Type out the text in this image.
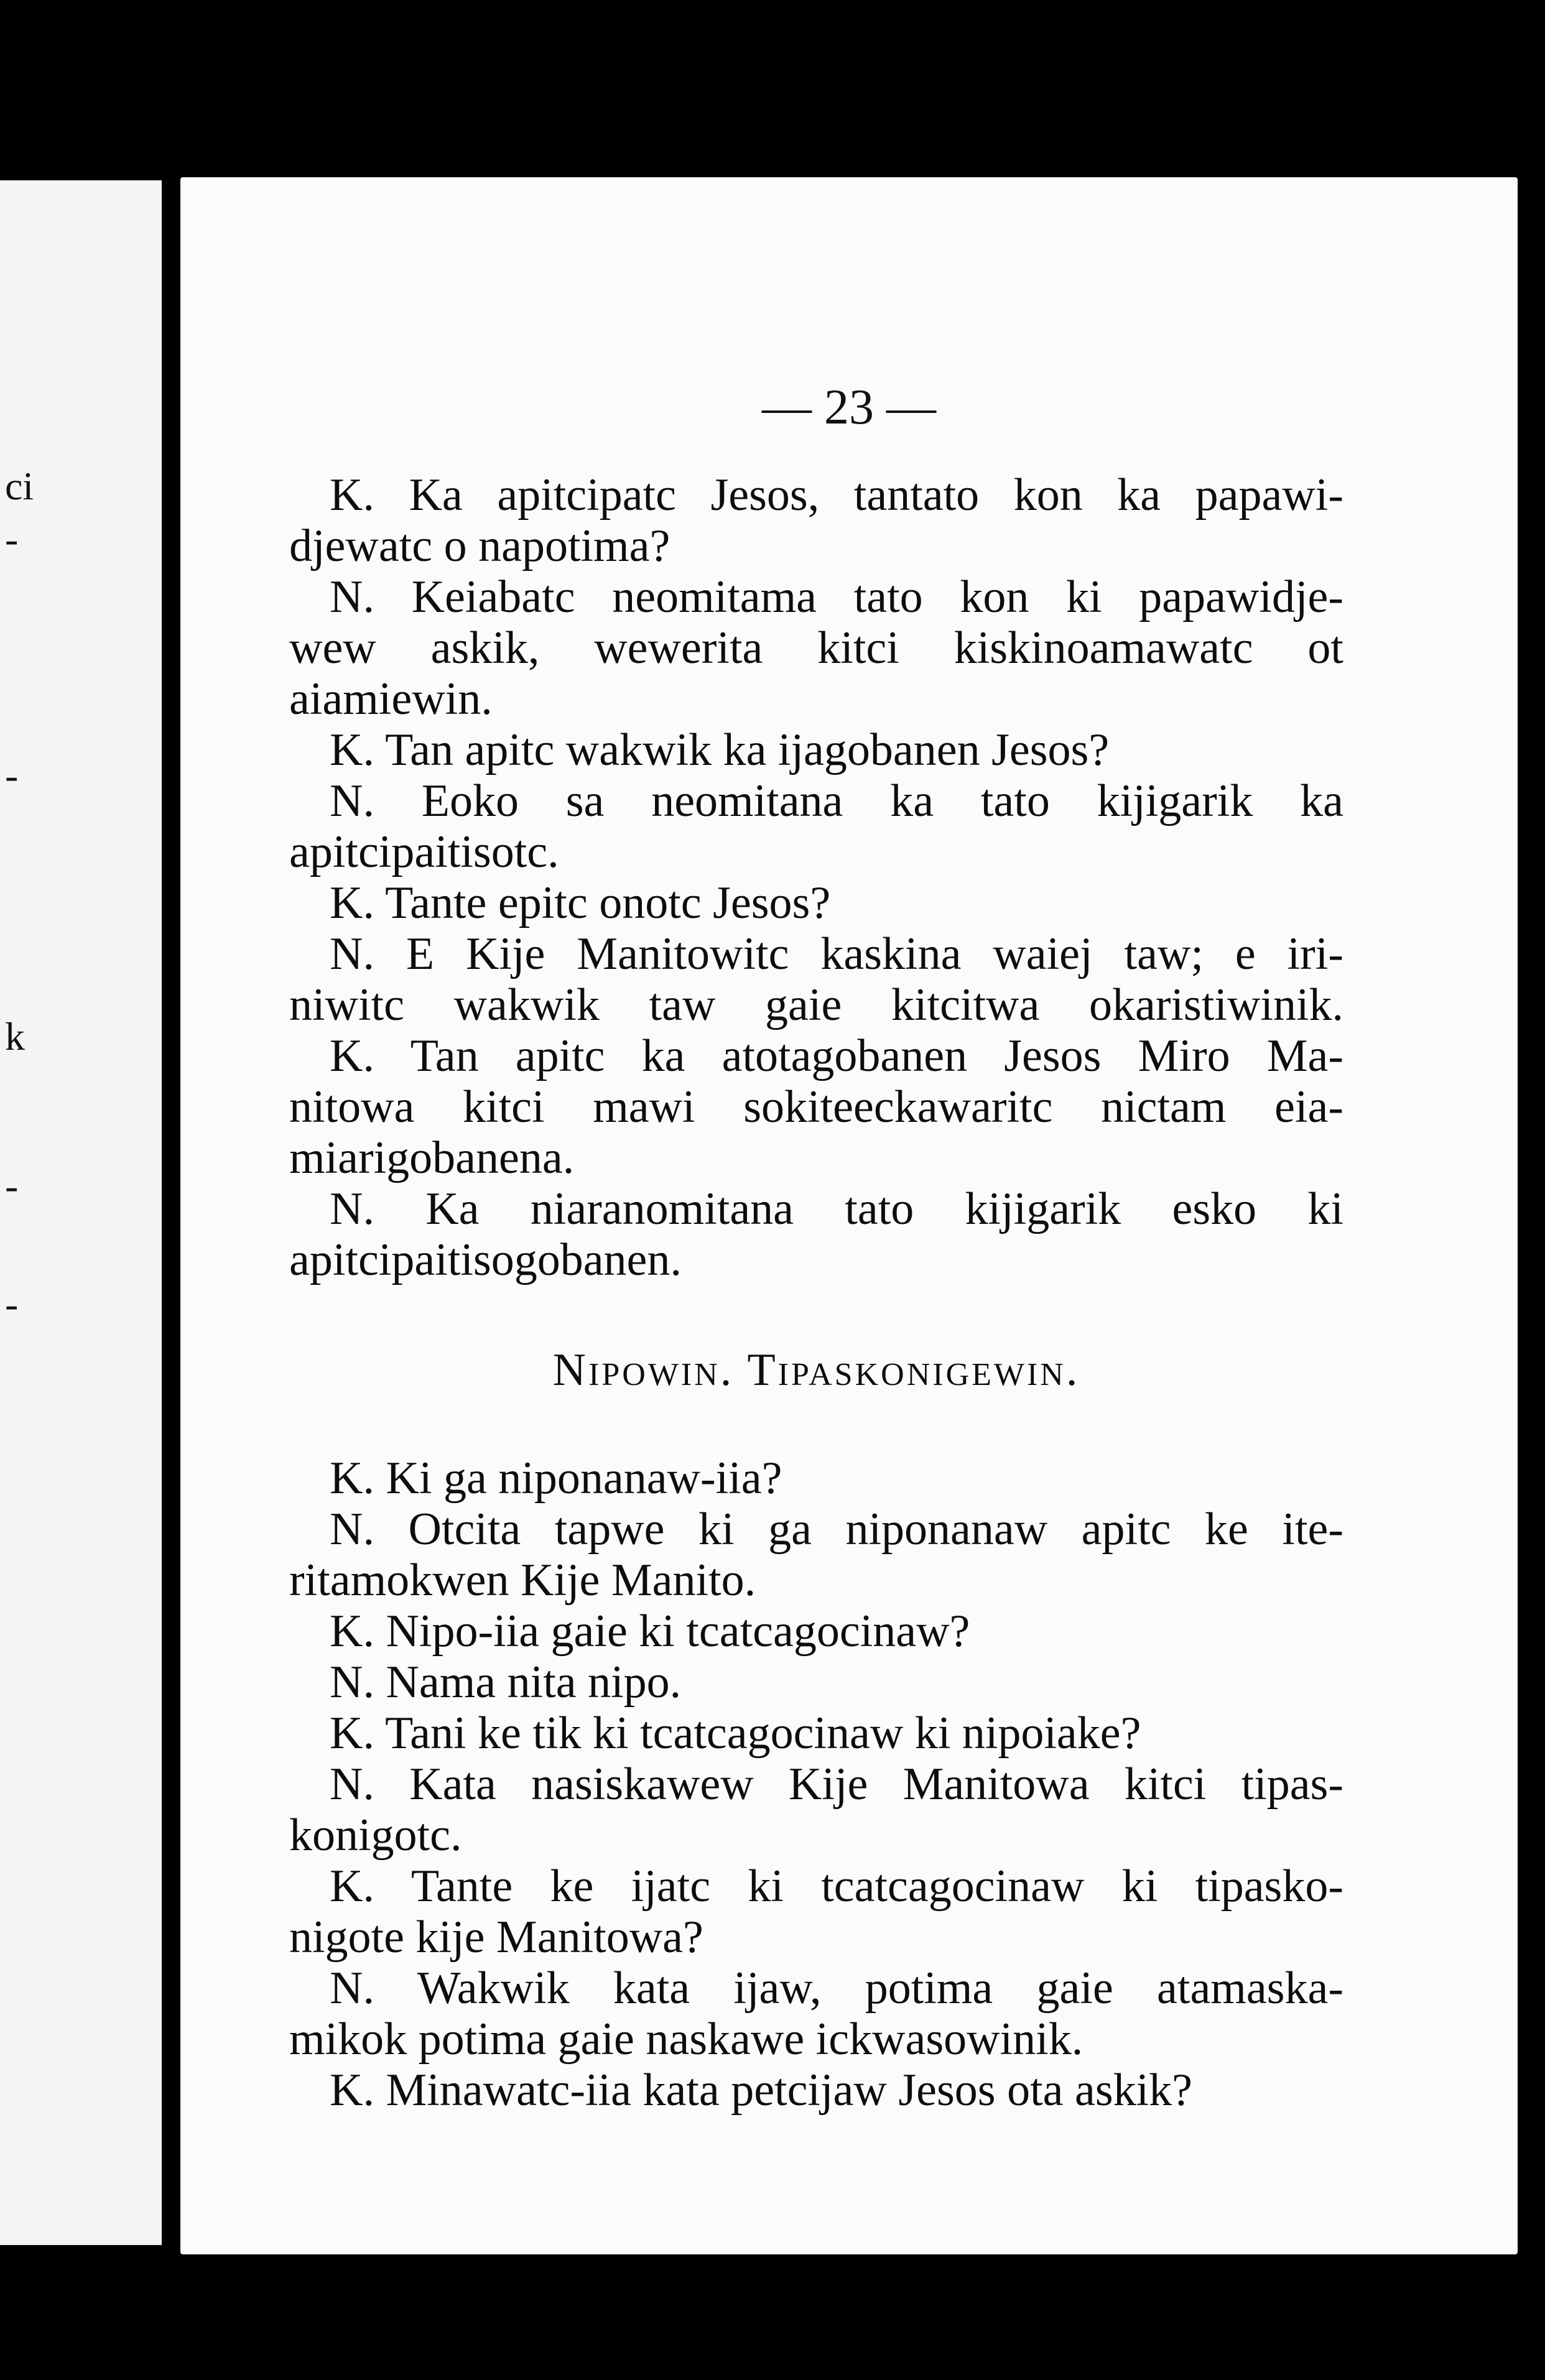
ci
-
-
k
-
-
— 23 —
K. Ka apitcipatc Jesos, tantato kon ka papawi-
djewatc o napotima?
N. Keiabatc neomitama tato kon ki papawidje-
wew askik, wewerita kitci kiskinoamawatc ot
aiamiewin.
K. Tan apitc wakwik ka ijagobanen Jesos?
N. Eoko sa neomitana ka tato kijigarik ka
apitcipaitisotc.
K. Tante epitc onotc Jesos?
N. E Kije Manitowitc kaskina waiej taw; e iri-
niwitc wakwik taw gaie kitcitwa okaristiwinik.
K. Tan apitc ka atotagobanen Jesos Miro Ma-
nitowa kitci mawi sokiteeckawaritc nictam eia-
miarigobanena.
N. Ka niaranomitana tato kijigarik esko ki
apitcipaitisogobanen.
Nipowin. Tipaskonigewin.
K. Ki ga niponanaw-iia?
N. Otcita tapwe ki ga niponanaw apitc ke ite-
ritamokwen Kije Manito.
K. Nipo-iia gaie ki tcatcagocinaw?
N. Nama nita nipo.
K. Tani ke tik ki tcatcagocinaw ki nipoiake?
N. Kata nasiskawew Kije Manitowa kitci tipas-
konigotc.
K. Tante ke ijatc ki tcatcagocinaw ki tipasko-
nigote kije Manitowa?
N. Wakwik kata ijaw, potima gaie atamaska-
mikok potima gaie naskawe ickwasowinik.
K. Minawatc-iia kata petcijaw Jesos ota askik?
